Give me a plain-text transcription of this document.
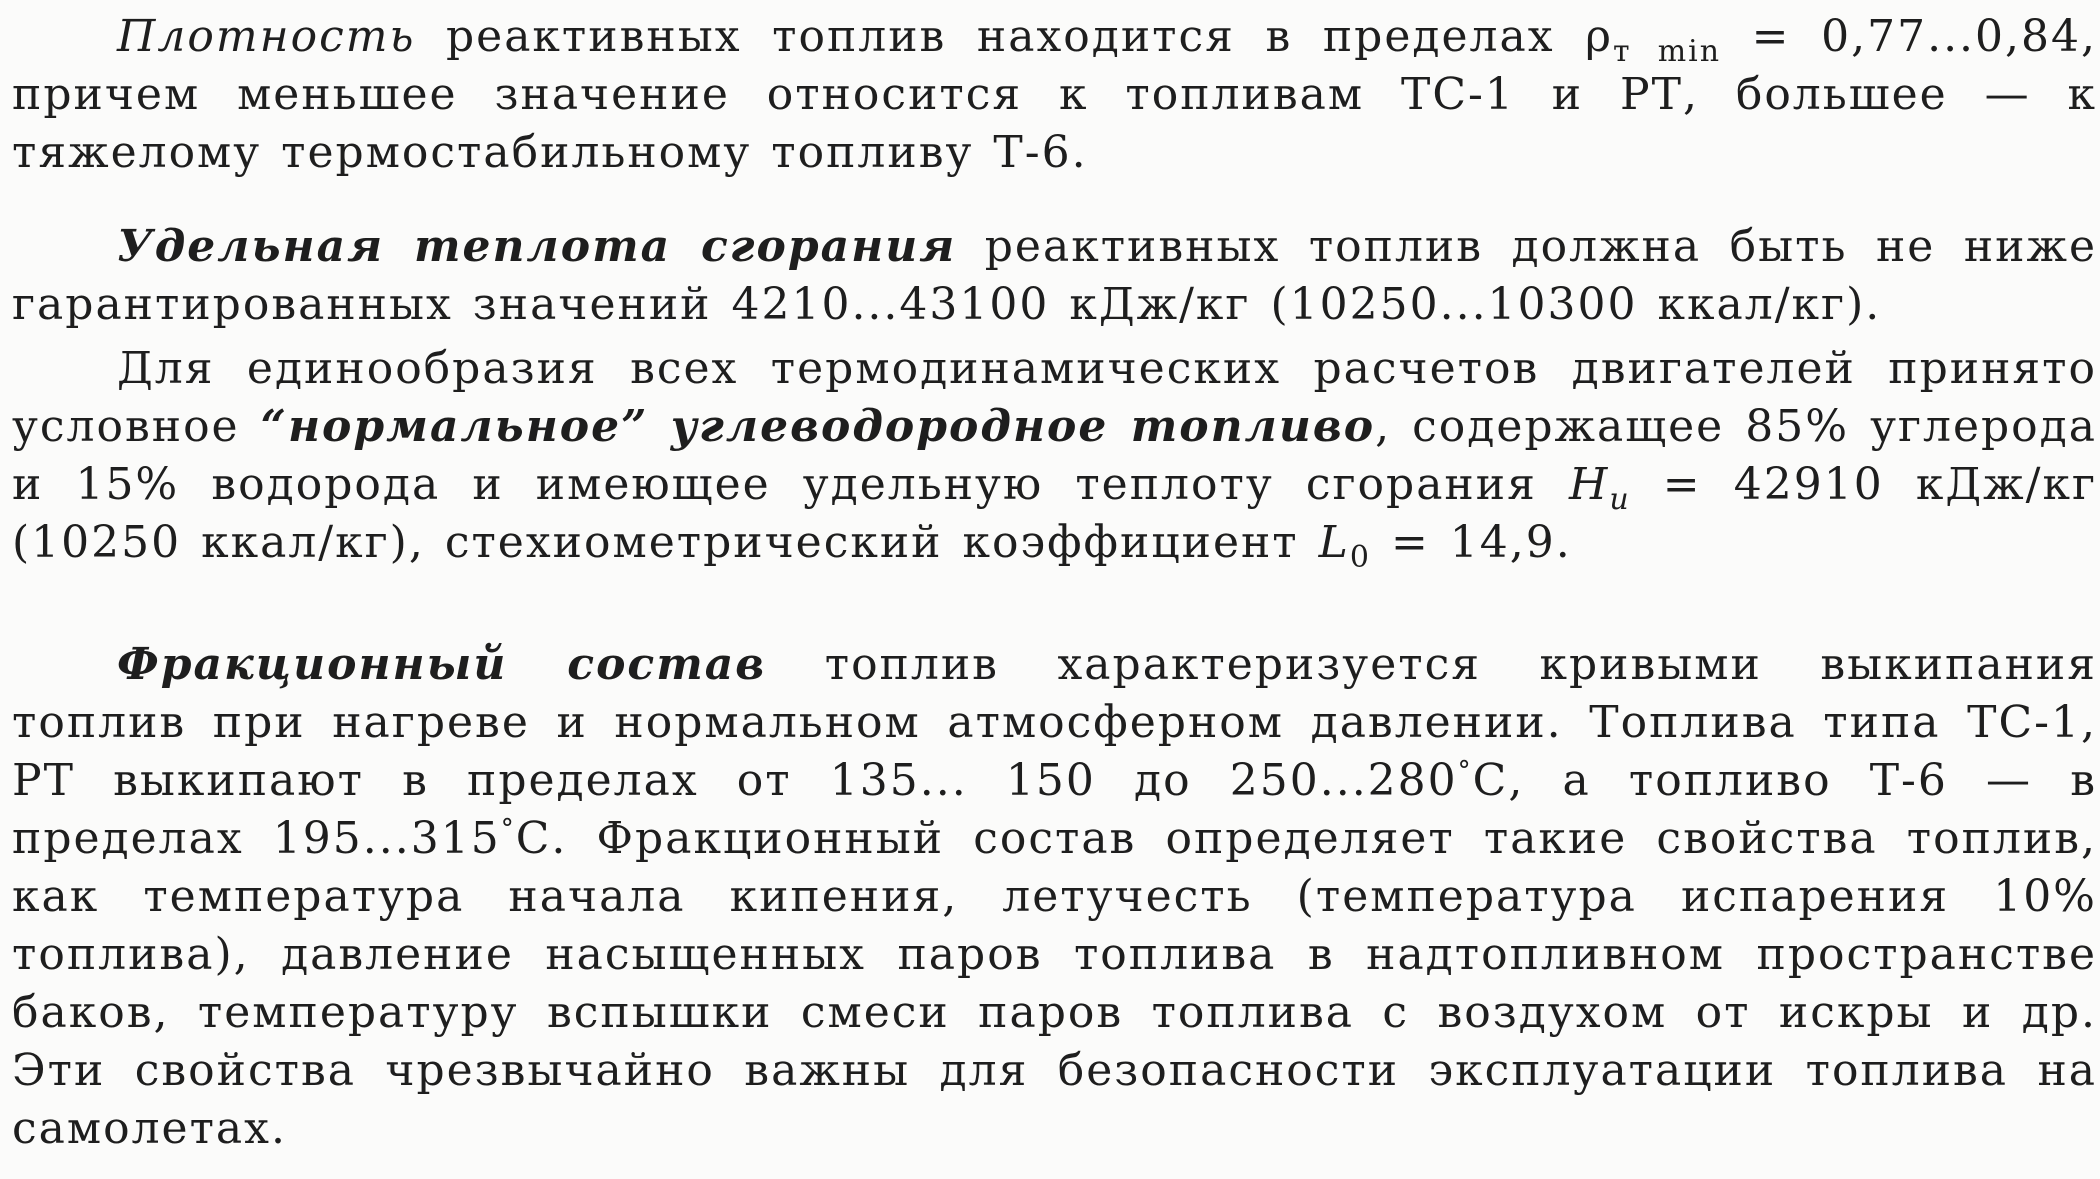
Плотность реактивных топлив находится в пределах $\rho_{т min} = 0,77...0,84$, причем меньшее значение относится к топливам ТС-1 и РТ, большее — к тяжелому термостабильному топливу Т-6.

Удельная теплота сгорания реактивных топлив должна быть не ниже гарантированных значений 4210...43100 кДж/кг (10250...10300 ккал/кг).

Для единообразия всех термодинамических расчетов двигателей принято условное “нормальное” углеводородное топливо, содержащее 85% углерода и 15% водорода и имеющее удельную теплоту сгорания $H_u = 42910$ кДж/кг (10250 ккал/кг), стехиометрический коэффициент $L_0 = 14,9$.

Фракционный состав топлив характеризуется кривыми выкипания топлив при нагреве и нормальном атмосферном давлении. Топлива типа ТС-1, РТ выкипают в пределах от 135... 150 до 250...280°С, а топливо Т-6 — в пределах 195...315°С. Фракционный состав определяет такие свойства топлив, как температура начала кипения, летучесть (температура испарения 10% топлива), давление насыщенных паров топлива в надтопливном пространстве баков, температуру вспышки смеси паров топлива с воздухом от искры и др. Эти свойства чрезвычайно важны для безопасности эксплуатации топлива на самолетах.
